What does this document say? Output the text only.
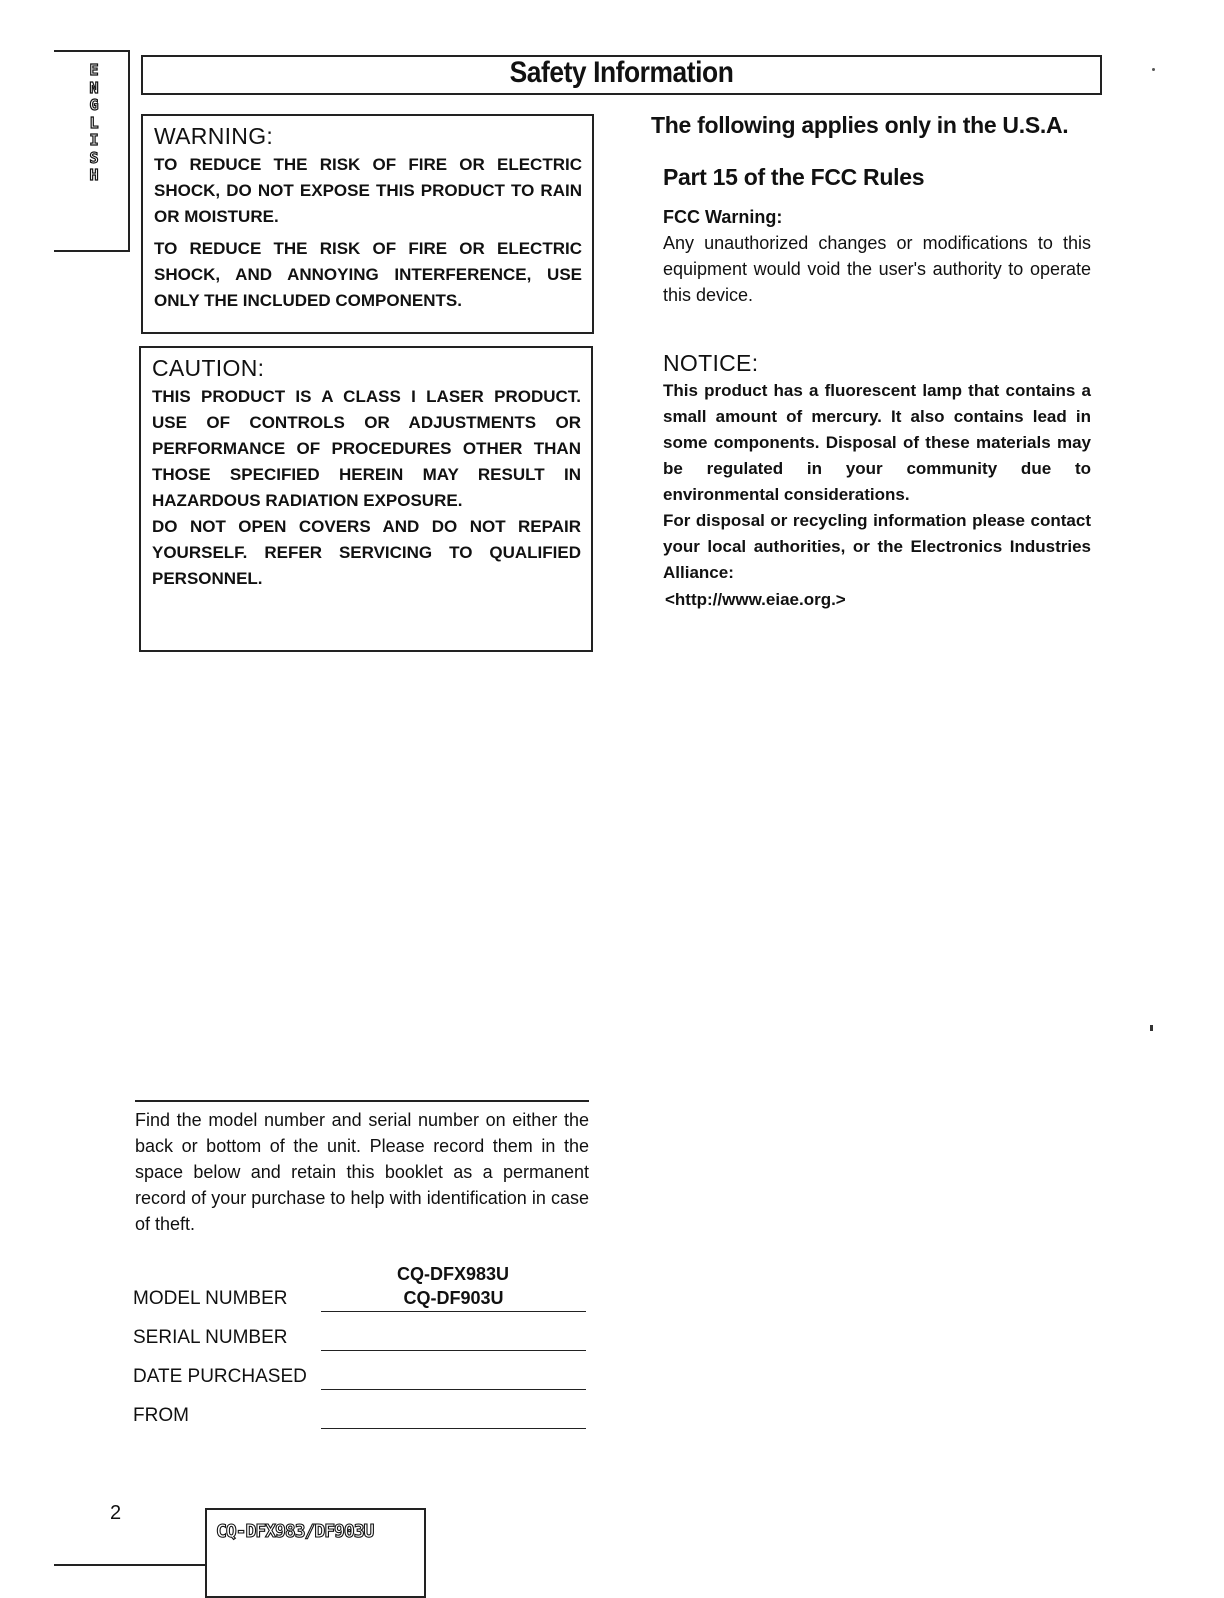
E
N
G
L
I
S
H
Safety Information
WARNING:
TO REDUCE THE RISK OF FIRE OR ELECTRIC SHOCK, DO NOT EXPOSE THIS PRODUCT TO RAIN OR MOISTURE.
TO REDUCE THE RISK OF FIRE OR ELECTRIC SHOCK, AND ANNOYING INTERFERENCE, USE ONLY THE INCLUDED COMPONENTS.
CAUTION:
THIS PRODUCT IS A CLASS I LASER PRODUCT. USE OF CONTROLS OR ADJUSTMENTS OR PERFORMANCE OF PROCEDURES OTHER THAN THOSE SPECIFIED HEREIN MAY RESULT IN HAZARDOUS RADIATION EXPOSURE.
DO NOT OPEN COVERS AND DO NOT REPAIR YOURSELF. REFER SERVICING TO QUALIFIED PERSONNEL.
The following applies only in the U.S.A.
Part 15 of the FCC Rules
FCC Warning:
Any unauthorized changes or modifications to this equipment would void the user's authority to operate this device.
NOTICE:
This product has a fluorescent lamp that contains a small amount of mercury. It also contains lead in some components. Disposal of these materials may be regulated in your community due to environmental considerations.
For disposal or recycling information please contact your local authorities, or the Electronics Industries Alliance:
<http://www.eiae.org.>
Find the model number and serial number on either the back or bottom of the unit. Please record them in the space below and retain this booklet as a permanent record of your purchase to help with identification in case of theft.
CQ-DFX983U
MODEL NUMBER	CQ-DF903U
SERIAL NUMBER
DATE PURCHASED
FROM
2
CQ-DFX983/DF903U
